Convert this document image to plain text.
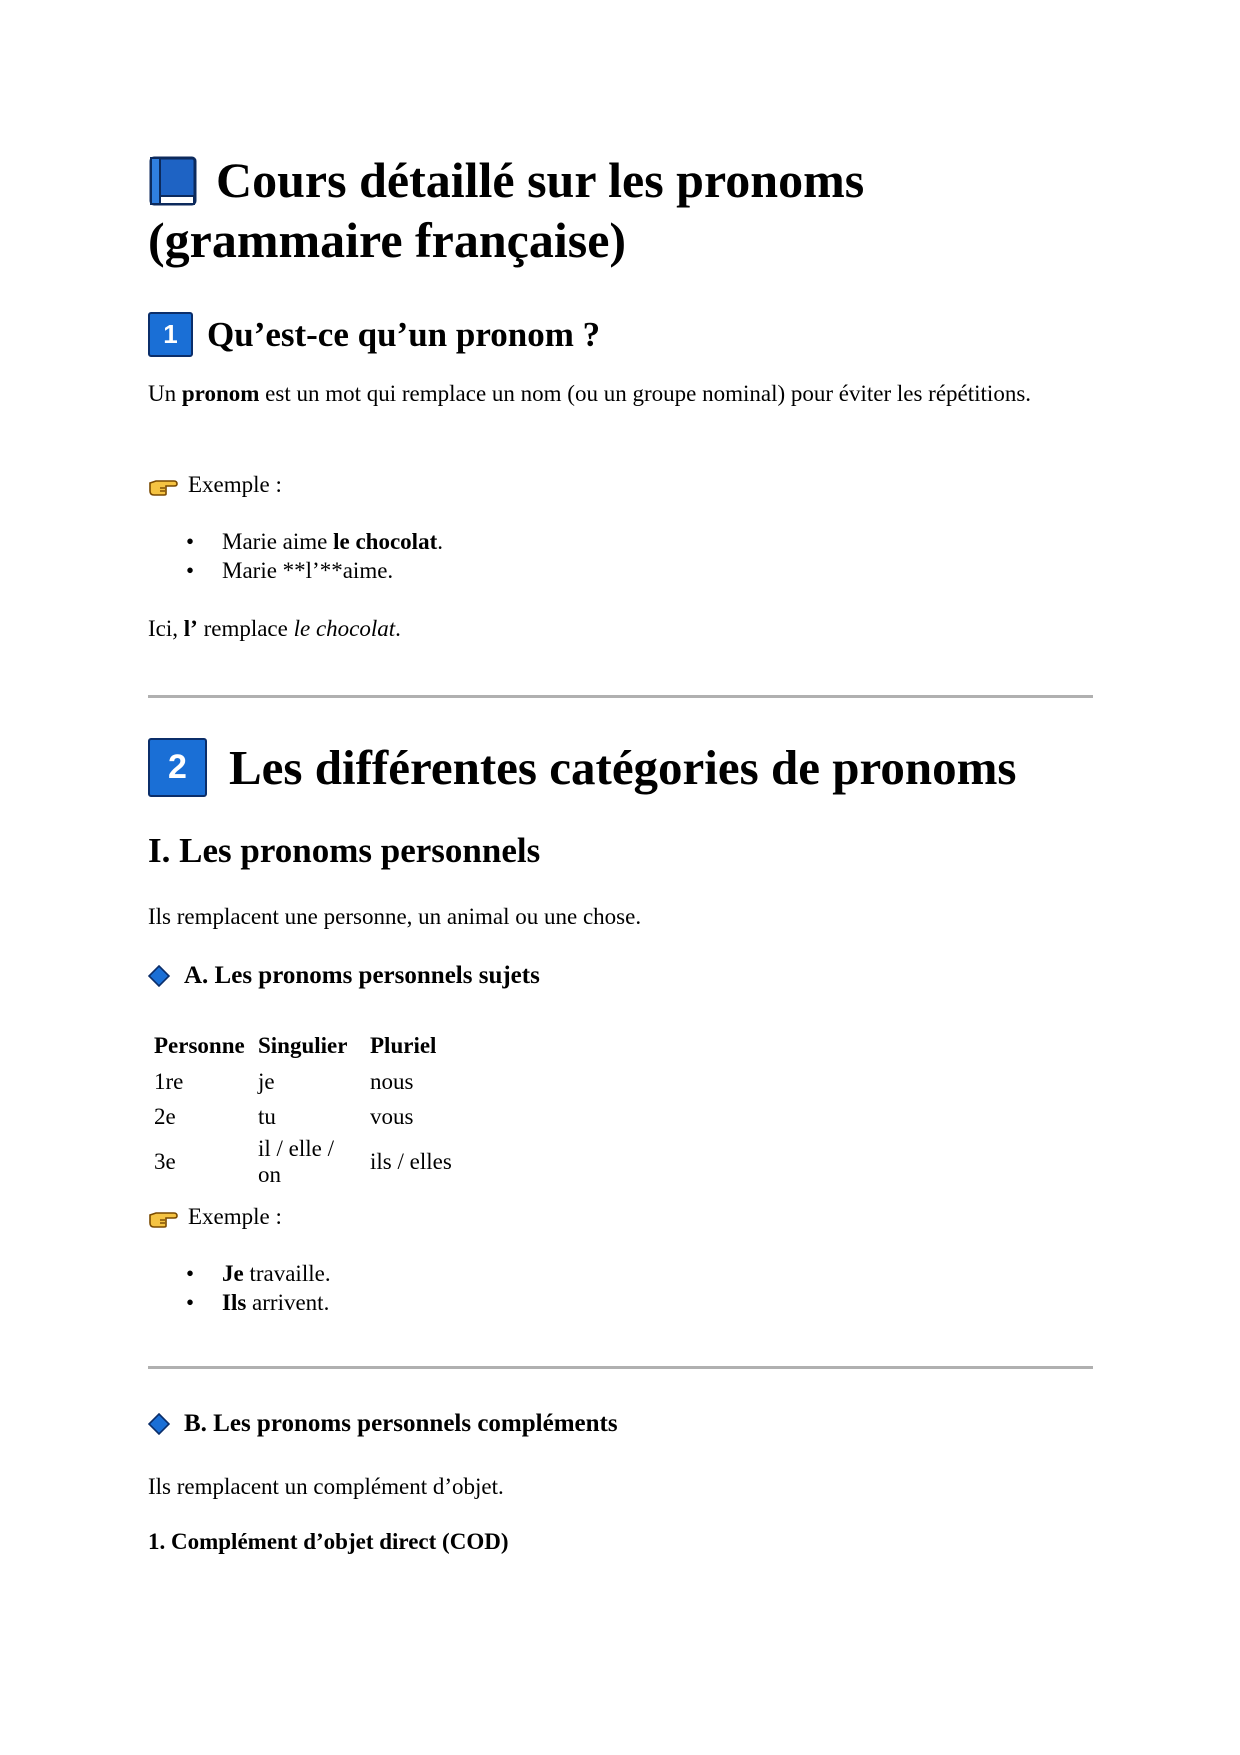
Cours détaillé sur les pronoms
(grammaire française)
1 Qu’est-ce qu’un pronom ?

Un pronom est un mot qui remplace un nom (ou un groupe nominal) pour éviter les répétitions.

Exemple :

• Marie aime le chocolat.
• Marie **l’**aime.

Ici, l’ remplace le chocolat.

2 Les différentes catégories de pronoms
I. Les pronoms personnels

Ils remplacent une personne, un animal ou une chose.

A. Les pronoms personnels sujets
Personne	Singulier	Pluriel
1re	je	nous
2e	tu	vous
3e	il / elle / on	ils / elles

Exemple :

• Je travaille.
• Ils arrivent.
B. Les pronoms personnels compléments

Ils remplacent un complément d’objet.

1. Complément d’objet direct (COD)
